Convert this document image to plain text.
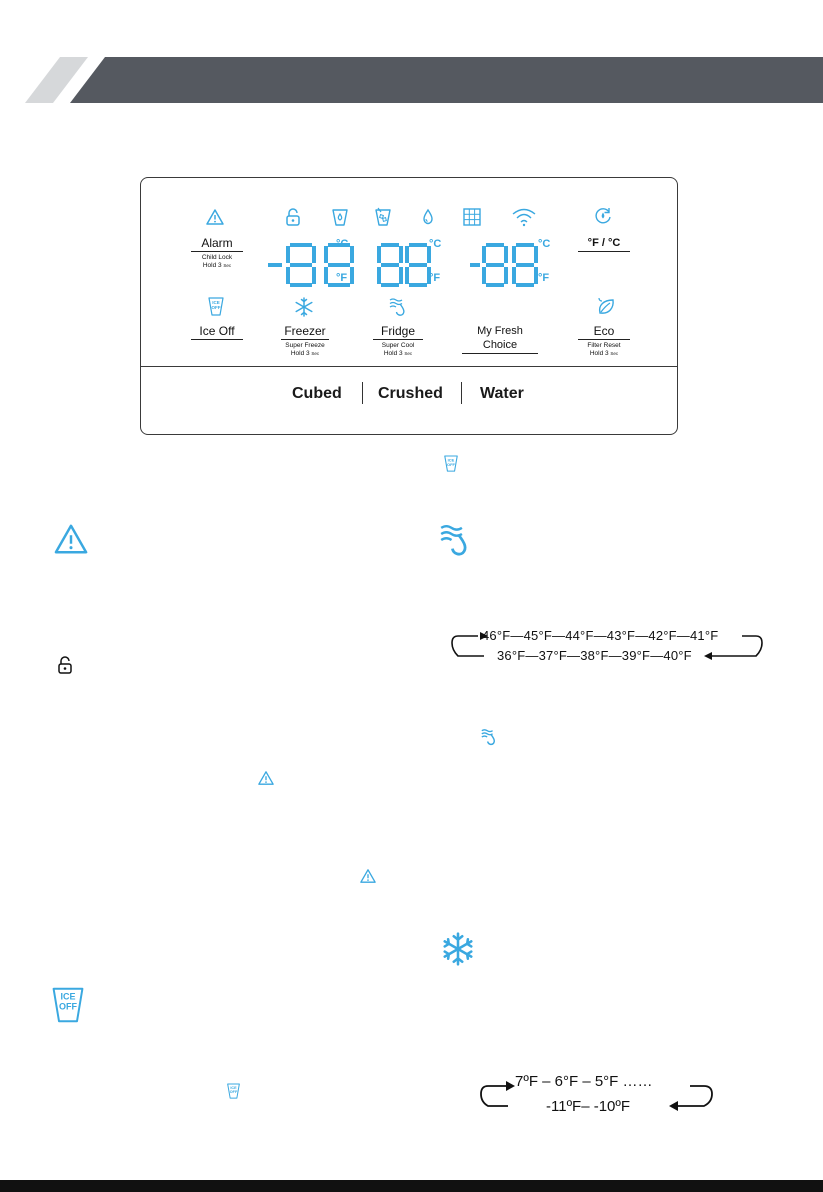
Alarm
Child Lock
Hold 3 Sec
°C
°F
°C
°F
°C
°F
°F / °C
ICE
OFF
Ice Off	Freezer
Super Freeze
Hold 3 Sec
Fridge
Super Cool
Hold 3 Sec
My Fresh Choice
Eco
Filter Reset
Hold 3 Sec
Cubed Crushed Water
ICE
OFF
46°F—45°F—44°F—43°F—42°F—41°F
36°F—37°F—38°F—39°F—40°F
ICE
OFF
ICE
OFF
7ºF – 6°F – 5°F ……
-11ºF– -10ºF
